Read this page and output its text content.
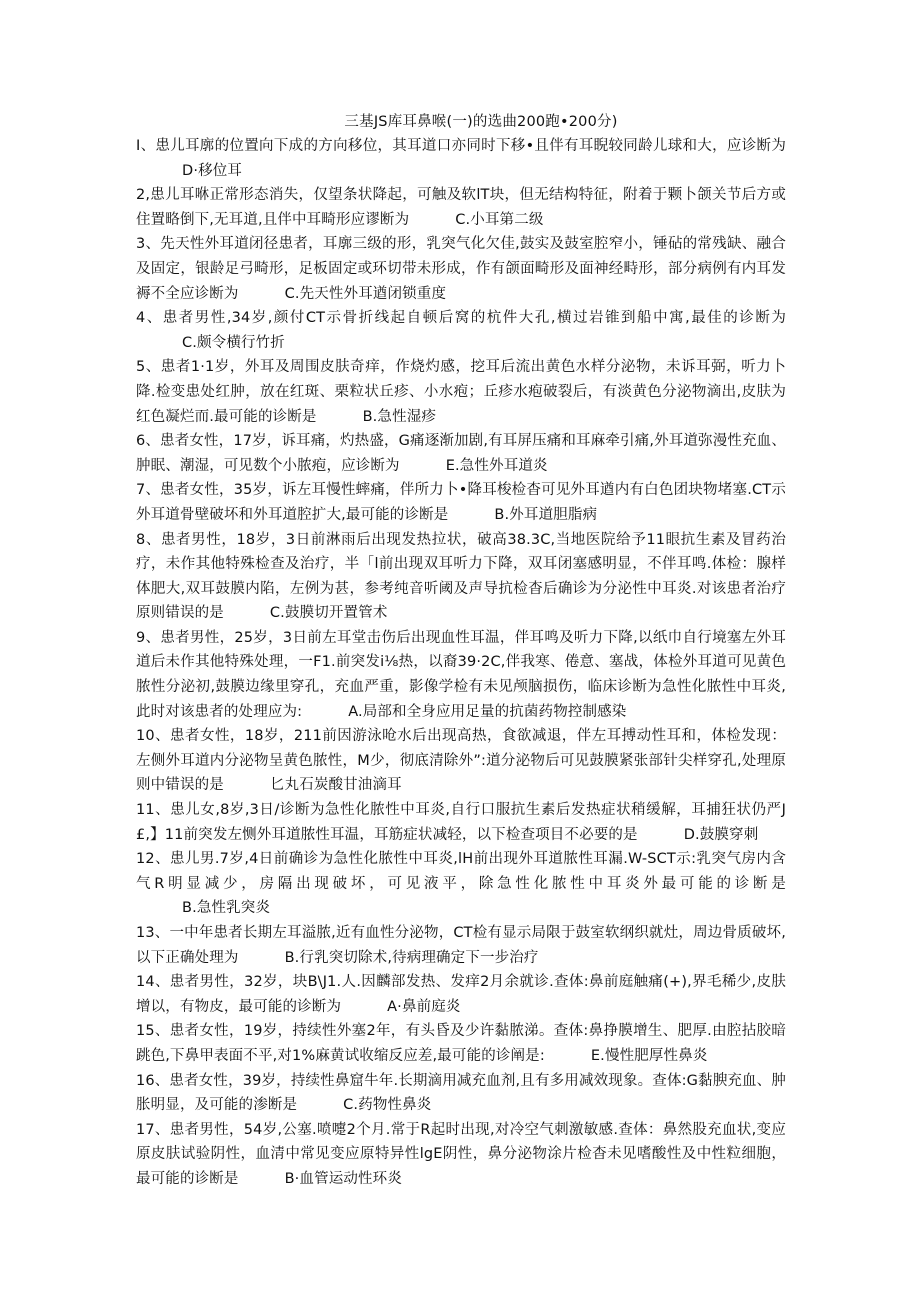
三基JS库耳鼻喉(一)的选曲200跑•200分)
I、患儿耳廓的位置向下成的方向移位，其耳道口亦同时下移•且伴有耳睨较同龄儿球和大，应诊断为D·移位耳
2,患儿耳咻正常形态消失，仅望条状降起，可触及软lT块，但无结构特征，附着于颗卜颌关节后方或住置略倒下,无耳道,且伴中耳畸形应谬断为	C.小耳第二级
3、先天性外耳道闭径患者，耳廓三级的形，乳突气化欠佳,鼓实及鼓室腔窄小，锤砧的常残缺、融合及固定，银龄足弓畸形，足板固定或环切带未形成，作有颌面畸形及面神经畤形，部分病例有内耳发褥不全应诊断为	C.先天性外耳遒闭锁重度
4、患者男性,34岁,颜付CT示骨折线起自顿后窝的杭件大孔,横过岩锥到船中寓,最佳的诊断为C.颇令横行竹折
5、患者1·1岁，外耳及周围皮肤奇痒，作烧灼感，挖耳后流出黄色水样分泌物，未诉耳弼，听力卜降.检变患处红肿，放在红斑、栗粒状丘疹、小水疱；丘疹水疱破裂后，有淡黄色分泌物滴出,皮肤为红色凝烂而.最可能的诊断是	B.急性湿疹
6、患者女性，17岁，诉耳痛，灼热盛，G痛逐渐加剧,有耳屏压痛和耳麻牵引痛,外耳道弥漫性充血、肿眠、潮湿，可见数个小脓疱，应诊断为	E.急性外耳道炎
7、患者女性，35岁，诉左耳慢性蟀痛，伴所力卜•降耳梭检杳可见外耳遒内有白色团块物堵塞.CT示外耳道骨壁破坏和外耳道腔扩大,最可能的诊断是	B.外耳道胆脂病
8、患者男性，18岁，3日前淋雨后出现发热拉状，破高38.3C,当地医院给予11眼抗生素及冒药治疗，未作其他特殊检查及治疗，半「l前出现双耳听力下降，双耳闭塞感明显，不伴耳鸣.体检：腺样体肥大,双耳鼓膜内陷，左例为甚，参考纯音听阈及声导抗检杳后确诊为分泌性中耳炎.对该患者治疗原则错误的是	C.鼓膜切开置管术
9、患者男性，25岁，3日前左耳堂击伤后出现血性耳温，伴耳鸣及听力下降,以纸巾自行境塞左外耳道后未作其他特殊处理，一F1.前突发i⅛热，以裔39·2C,伴我寒、倦意、塞战，体检外耳道可见黄色脓性分泌初,鼓膜边缘里穿孔，充血严重，影像学检有未见颅脑损伤，临床诊断为急性化脓性中耳炎,此时对该患者的处理应为:	A.局部和全身应用足量的抗菌药物控制感染
10、患者女性，18岁，211前因游泳呛水后出现高热，食欲减退，伴左耳搏动性耳和，体检发现：左侧外耳道内分泌物呈黄色脓性，M少，彻底清除外”:道分泌物后可见鼓膜紧张部针尖样穿孔,处理原则中错误的是	匕丸石炭酸甘油滴耳
11、患儿女,8岁,3日/诊断为急性化脓性中耳炎,自行口服抗生素后发热症状稍缓解，耳捕狂状仍严J£,】11前突发左恻外耳道脓性耳温，耳筋症状减轻，以下检查项目不必要的是	D.鼓膜穿刺
12、患儿男.7岁,4日前确诊为急性化脓性中耳炎,lH前出现外耳道脓性耳漏.W-SCT示:乳突气房内含气R明显减少，房隔出现破坏，可见液平，除急性化脓性中耳炎外最可能的诊断是B.急性乳突炎
13、一中年患者长期左耳溢脓,近有血性分泌物，CT检有显示局限于鼓室软纲织就灶，周边骨质破坏,以下正确处理为	B.行乳突切除术,待病理确定下一步治疗
14、患者男性，32岁，块B\J1.人.因麟部发热、发痒2月余就诊.查体:鼻前庭触痛(+),界毛稀少,皮肤增以，有物皮，最可能的诊断为	A·鼻前庭炎
15、患者女性，19岁，持续性外塞2年，有头昏及少许黏脓涕。查体:鼻挣膜增生、肥厚.由腔拈胶暗跳色,下鼻甲表面不平,对1%麻黄试收缩反应差,最可能的诊阐是:	E.慢性肥厚性鼻炎
16、患者女性，39岁，持续性鼻窟牛年.长期滴用减充血剂,且有多用减效现象。查体:G黏腴充血、肿胀明显，及可能的渗断是	C.药物性鼻炎
17、患者男性，54岁,公塞.喷嚏2个月.常于R起时出现,对冷空气刺激敏感.查体：鼻然股充血状,变应原皮肤试验阴性，血清中常见变应原特异性lgE阴性，鼻分泌物涂片检杳未见嗜酸性及中性粒细胞，最可能的诊断是	B·血管运动性环炎
